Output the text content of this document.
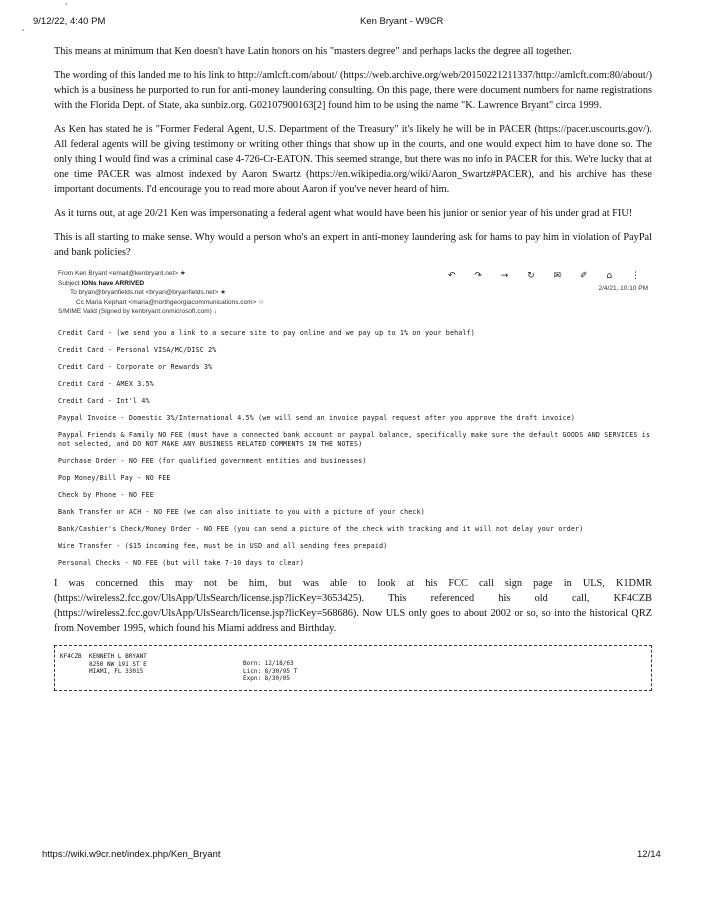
ˈ
ˌ
9/12/22, 4:40 PM	Ken Bryant - W9CR

This means at minimum that Ken doesn't have Latin honors on his "masters degree" and perhaps lacks the degree all together.

The wording of this landed me to his link to http://amlcft.com/about/ (https://web.archive.org/web/20150221211337/http://amlcft.com:80/about/) which is a business he purported to run for anti-money laundering consulting. On this page, there were document numbers for name registrations with the Florida Dept. of State, aka sunbiz.org. G02107900163[2] found him to be using the name "K. Lawrence Bryant" circa 1999.

As Ken has stated he is "Former Federal Agent, U.S. Department of the Treasury" it's likely he will be in PACER (https://pacer.uscourts.gov/). All federal agents will be giving testimony or writing other things that show up in the courts, and one would expect him to have done so. The only thing I would find was a criminal case 4-726-Cr-EATON. This seemed strange, but there was no info in PACER for this. We're lucky that at one time PACER was almost indexed by Aaron Swartz (https://en.wikipedia.org/wiki/Aaron_Swartz#PACER), and his archive has these important documents. I'd encourage you to read more about Aaron if you've never heard of him.

As it turns out, at age 20/21 Ken was impersonating a federal agent what would have been his junior or senior year of his under grad at FIU!

This is all starting to make sense. Why would a person who's an expert in anti-money laundering ask for hams to pay him in violation of PayPal and bank policies?

From Ken Bryant <email@kenbryant.net> ★
Subject IONs have ARRIVED
To bryan@bryanfields.net <bryan@bryanfields.net> ★
Cc Maria Kephart <maria@northgeorgiacommunications.com> ☆
S/MIME Valid (Signed by kenbryant.onmicrosoft.com) ↓
↶ ↷ → ↻ ✉ ✐ ⌂ ⋮
2/4/21, 10:10 PM
Credit Card - (we send you a link to a secure site to pay online and we pay up to 1% on your behalf)
Credit Card - Personal VISA/MC/DISC 2%
Credit Card - Corporate or Rewards 3%
Credit Card - AMEX 3.5%
Credit Card - Int'l 4%
Paypal Invoice - Domestic 3%/International 4.5% (we will send an invoice paypal request after you approve the draft invoice)
Paypal Friends & Family NO FEE (must have a connected bank account or paypal balance, specifically make sure the default GOODS AND SERVICES is not selected, and DO NOT MAKE ANY BUSINESS RELATED COMMENTS IN THE NOTES)
Purchase Order - NO FEE (for qualified government entities and businesses)
Pop Money/Bill Pay - NO FEE
Check by Phone - NO FEE
Bank Transfer or ACH - NO FEE (we can also initiate to you with a picture of your check)
Bank/Cashier's Check/Money Order - NO FEE (you can send a picture of the check with tracking and it will not delay your order)
Wire Transfer - ($15 incoming fee, must be in USD and all sending fees prepaid)
Personal Checks - NO FEE (but will take 7-10 days to clear)

I was concerned this may not be him, but was able to look at his FCC call sign page in ULS, K1DMR (https://wireless2.fcc.gov/UlsApp/UlsSearch/license.jsp?licKey=3653425). This referenced his old call, KF4CZB (https://wireless2.fcc.gov/UlsApp/UlsSearch/license.jsp?licKey=568686). Now ULS only goes to about 2002 or so, so into the historical QRZ from November 1995, which found his Miami address and Birthday.

KF4CZB KENNETH L BRYANT
8250 NW 191 ST E
MIAMI, FL 33015
Born: 12/18/63
Licn: 8/30/95 T
Expn: 8/30/05
https://wiki.w9cr.net/index.php/Ken_Bryant	12/14
